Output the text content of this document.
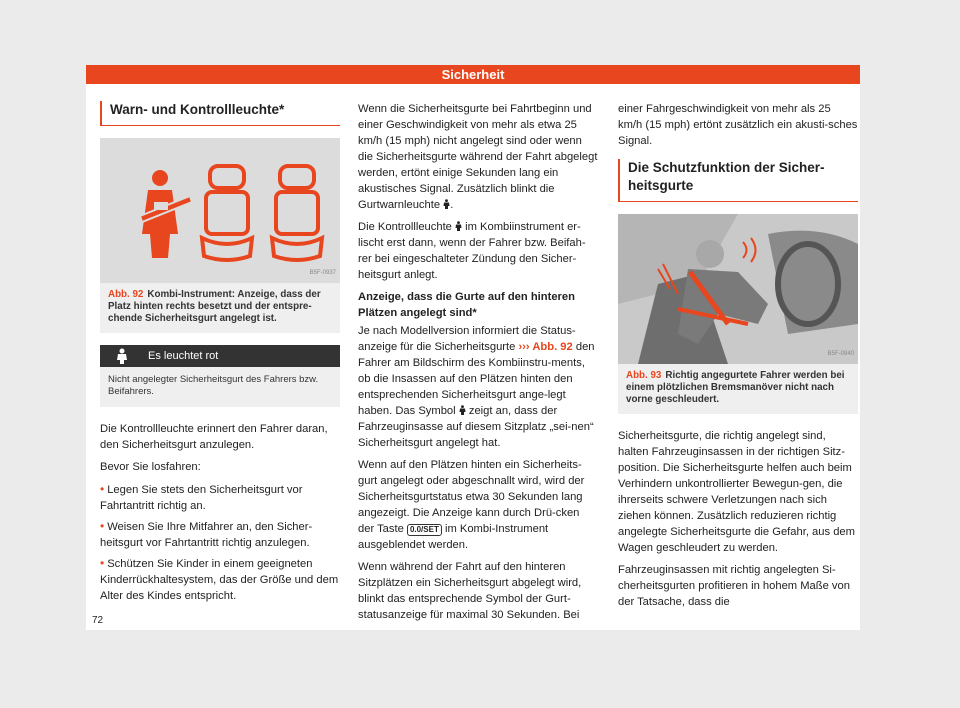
Sicherheit
Warn- und Kontrollleuchte*
B5F-0937
Abb. 92 Kombi-Instrument: Anzeige, dass der Platz hinten rechts besetzt und der entspre-chende Sicherheitsgurt angelegt ist.
Es leuchtet rot
Nicht angelegter Sicherheitsgurt des Fahrers bzw. Beifahrers.

Die Kontrollleuchte erinnert den Fahrer daran, den Sicherheitsgurt anzulegen.

Bevor Sie losfahren:

• Legen Sie stets den Sicherheitsgurt vor Fahrtantritt richtig an.
• Weisen Sie Ihre Mitfahrer an, den Sicher-heitsgurt vor Fahrtantritt richtig anzulegen.
• Schützen Sie Kinder in einem geeigneten Kinderrückhaltesystem, das der Größe und dem Alter des Kindes entspricht.

Wenn die Sicherheitsgurte bei Fahrtbeginn und einer Geschwindigkeit von mehr als etwa 25 km/h (15 mph) nicht angelegt sind oder wenn die Sicherheitsgurte während der Fahrt abgelegt werden, ertönt einige Sekunden lang ein akustisches Signal. Zusätzlich blinkt die Gurtwarnleuchte .

Die Kontrollleuchte im Kombiinstrument er-lischt erst dann, wenn der Fahrer bzw. Beifah-rer bei eingeschalteter Zündung den Sicher-heitsgurt anlegt.

Anzeige, dass die Gurte auf den hinteren Plätzen angelegt sind*

Je nach Modellversion informiert die Status-anzeige für die Sicherheitsgurte ››› Abb. 92 den Fahrer am Bildschirm des Kombiinstru-ments, ob die Insassen auf den Plätzen hinten den entsprechenden Sicherheitsgurt ange-legt haben. Das Symbol zeigt an, dass der Fahrzeuginsasse auf diesem Sitzplatz „sei-nen“ Sicherheitsgurt angelegt hat.

Wenn auf den Plätzen hinten ein Sicherheits-gurt angelegt oder abgeschnallt wird, wird der Sicherheitsgurtstatus etwa 30 Sekunden lang angezeigt. Die Anzeige kann durch Drü-cken der Taste 0.0/SET im Kombi-Instrument ausgeblendet werden.

Wenn während der Fahrt auf den hinteren Sitzplätzen ein Sicherheitsgurt abgelegt wird, blinkt das entsprechende Symbol der Gurt-statusanzeige für maximal 30 Sekunden. Bei

einer Fahrgeschwindigkeit von mehr als 25 km/h (15 mph) ertönt zusätzlich ein akusti-sches Signal.

Die Schutzfunktion der Sicher-heitsgurte
B5F-0940
Abb. 93 Richtig angegurtete Fahrer werden bei einem plötzlichen Bremsmanöver nicht nach vorne geschleudert.

Sicherheitsgurte, die richtig angelegt sind, halten Fahrzeuginsassen in der richtigen Sitz-position. Die Sicherheitsgurte helfen auch beim Verhindern unkontrollierter Bewegun-gen, die ihrerseits schwere Verletzungen nach sich ziehen können. Zusätzlich reduzieren richtig angelegte Sicherheitsgurte die Gefahr, aus dem Wagen geschleudert zu werden.

Fahrzeuginsassen mit richtig angelegten Si-cherheitsgurten profitieren in hohem Maße von der Tatsache, dass die

72
